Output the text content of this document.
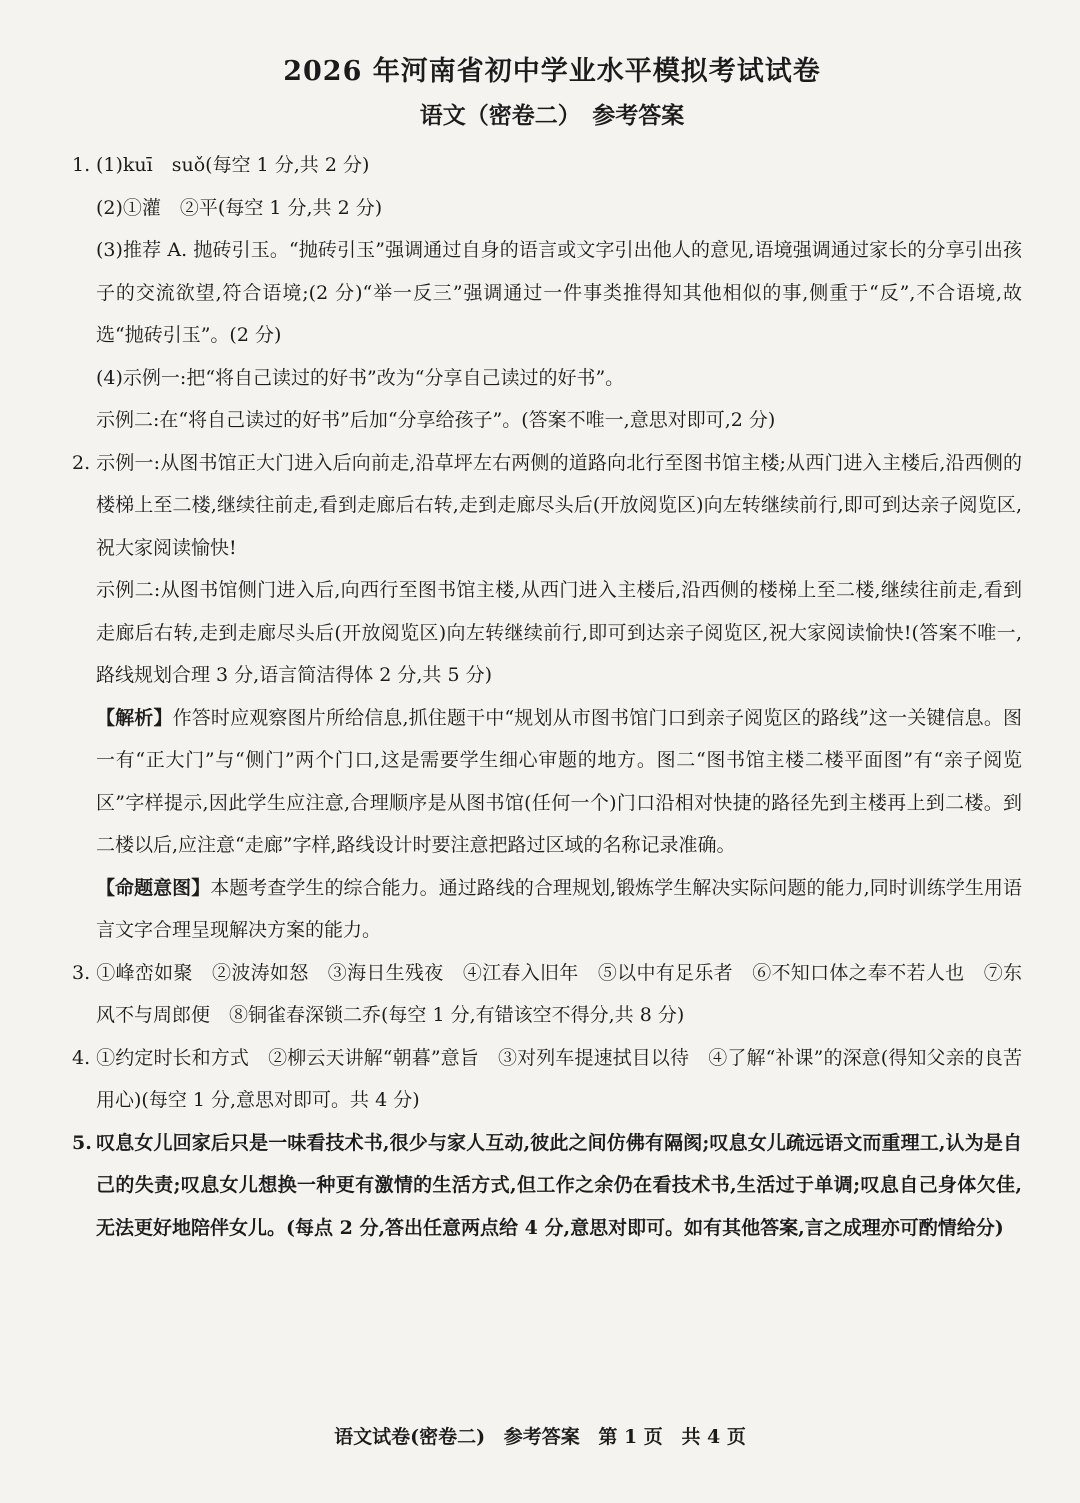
2026 年河南省初中学业水平模拟考试试卷
语文（密卷二）　参考答案
1. (1)kuī　suǒ(每空 1 分,共 2 分)
(2)①灌　②平(每空 1 分,共 2 分)
(3)推荐 A. 抛砖引玉。“抛砖引玉”强调通过自身的语言或文字引出他人的意见,语境强调通过家长的分享引出孩子的交流欲望,符合语境;(2 分)“举一反三”强调通过一件事类推得知其他相似的事,侧重于“反”,不合语境,故选“抛砖引玉”。(2 分)
(4)示例一:把“将自己读过的好书”改为“分享自己读过的好书”。
示例二:在“将自己读过的好书”后加“分享给孩子”。(答案不唯一,意思对即可,2 分)
2. 示例一:从图书馆正大门进入后向前走,沿草坪左右两侧的道路向北行至图书馆主楼;从西门进入主楼后,沿西侧的楼梯上至二楼,继续往前走,看到走廊后右转,走到走廊尽头后(开放阅览区)向左转继续前行,即可到达亲子阅览区,祝大家阅读愉快!
示例二:从图书馆侧门进入后,向西行至图书馆主楼,从西门进入主楼后,沿西侧的楼梯上至二楼,继续往前走,看到走廊后右转,走到走廊尽头后(开放阅览区)向左转继续前行,即可到达亲子阅览区,祝大家阅读愉快!(答案不唯一,路线规划合理 3 分,语言简洁得体 2 分,共 5 分)
【解析】作答时应观察图片所给信息,抓住题干中“规划从市图书馆门口到亲子阅览区的路线”这一关键信息。图一有“正大门”与“侧门”两个门口,这是需要学生细心审题的地方。图二“图书馆主楼二楼平面图”有“亲子阅览区”字样提示,因此学生应注意,合理顺序是从图书馆(任何一个)门口沿相对快捷的路径先到主楼再上到二楼。到二楼以后,应注意“走廊”字样,路线设计时要注意把路过区域的名称记录准确。
【命题意图】本题考查学生的综合能力。通过路线的合理规划,锻炼学生解决实际问题的能力,同时训练学生用语言文字合理呈现解决方案的能力。
3. ①峰峦如聚　②波涛如怒　③海日生残夜　④江春入旧年　⑤以中有足乐者　⑥不知口体之奉不若人也　⑦东风不与周郎便　⑧铜雀春深锁二乔(每空 1 分,有错该空不得分,共 8 分)
4. ①约定时长和方式　②柳云天讲解“朝暮”意旨　③对列车提速拭目以待　④了解“补课”的深意(得知父亲的良苦用心)(每空 1 分,意思对即可。共 4 分)
5. 叹息女儿回家后只是一味看技术书,很少与家人互动,彼此之间仿佛有隔阂;叹息女儿疏远语文而重理工,认为是自己的失责;叹息女儿想换一种更有激情的生活方式,但工作之余仍在看技术书,生活过于单调;叹息自己身体欠佳,无法更好地陪伴女儿。(每点 2 分,答出任意两点给 4 分,意思对即可。如有其他答案,言之成理亦可酌情给分)
语文试卷(密卷二) 参考答案 第 1 页 共 4 页
